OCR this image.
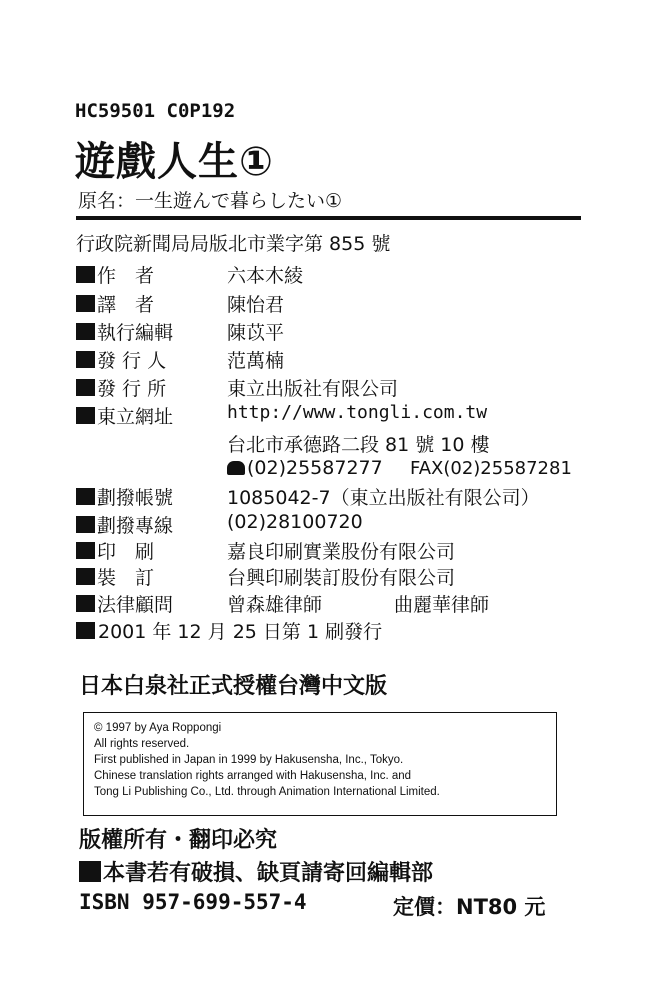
HC59501 C0P192
遊戲人生①
原名：一生遊んで暮らしたい①
行政院新聞局局版北市業字第 855 號
作　者	六本木綾
譯　者	陳怡君
執行編輯	陳苡平
發 行 人	范萬楠
發 行 所	東立出版社有限公司
東立網址	http://www.tongli.com.tw
台北市承德路二段 81 號 10 樓
(02)25587277 FAX(02)25587281
劃撥帳號	1085042-7（東立出版社有限公司）
劃撥專線	(02)28100720
印　刷	嘉良印刷實業股份有限公司
裝　訂	台興印刷裝訂股份有限公司
法律顧問	曾森雄律師	曲麗華律師
2001 年 12 月 25 日第 1 刷發行
日本白泉社正式授權台灣中文版
© 1997 by Aya Roppongi
All rights reserved.
First published in Japan in 1999 by Hakusensha, Inc., Tokyo.
Chinese translation rights arranged with Hakusensha, Inc. and
Tong Li Publishing Co., Ltd. through Animation International Limited.
版權所有・翻印必究
本書若有破損、缺頁請寄回編輯部
ISBN 957-699-557-4	定價：NT80 元
